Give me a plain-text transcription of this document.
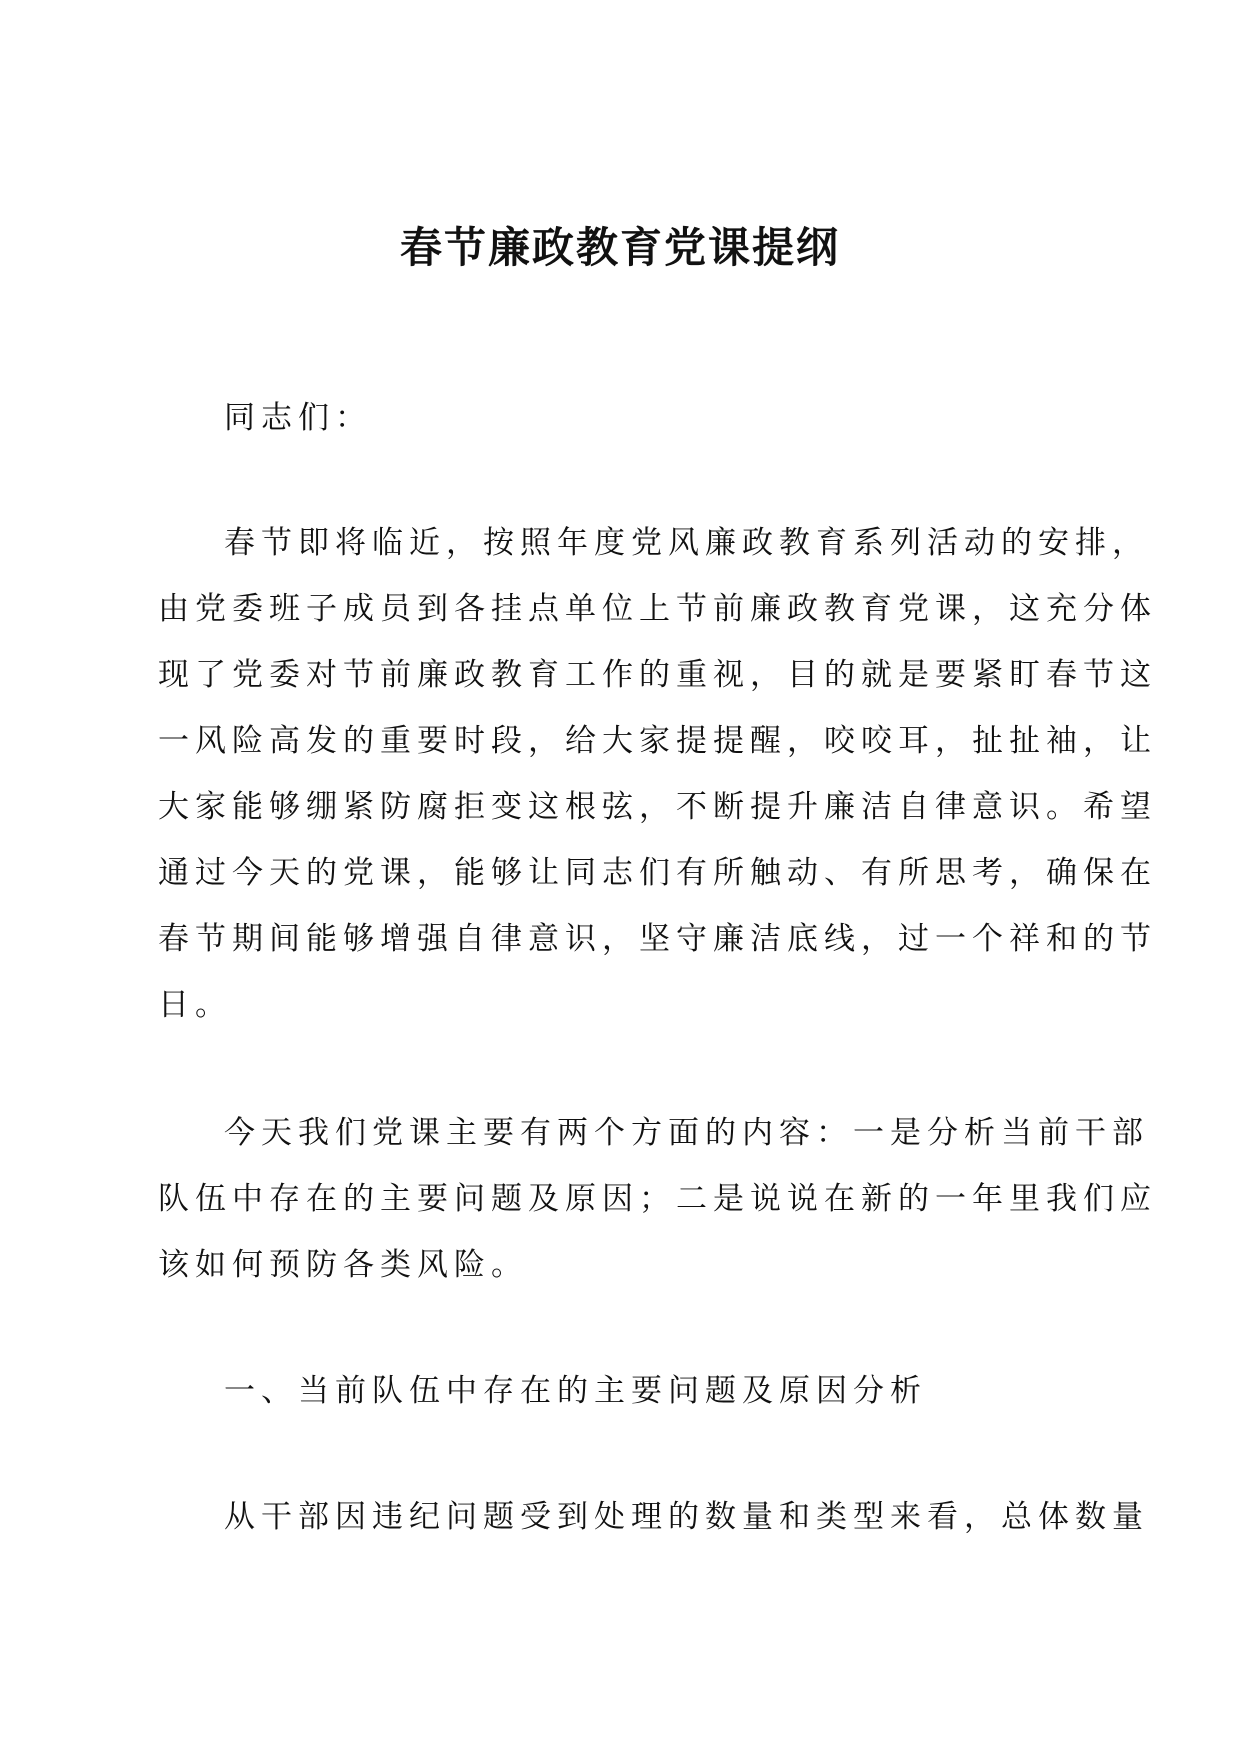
春节廉政教育党课提纲

同志们：

春节即将临近，按照年度党风廉政教育系列活动的安排，
由党委班子成员到各挂点单位上节前廉政教育党课，这充分体
现了党委对节前廉政教育工作的重视，目的就是要紧盯春节这
一风险高发的重要时段，给大家提提醒，咬咬耳，扯扯袖，让
大家能够绷紧防腐拒变这根弦，不断提升廉洁自律意识。希望
通过今天的党课，能够让同志们有所触动、有所思考，确保在
春节期间能够增强自律意识，坚守廉洁底线，过一个祥和的节
日。

今天我们党课主要有两个方面的内容：一是分析当前干部
队伍中存在的主要问题及原因；二是说说在新的一年里我们应
该如何预防各类风险。

一、当前队伍中存在的主要问题及原因分析

从干部因违纪问题受到处理的数量和类型来看，总体数量
